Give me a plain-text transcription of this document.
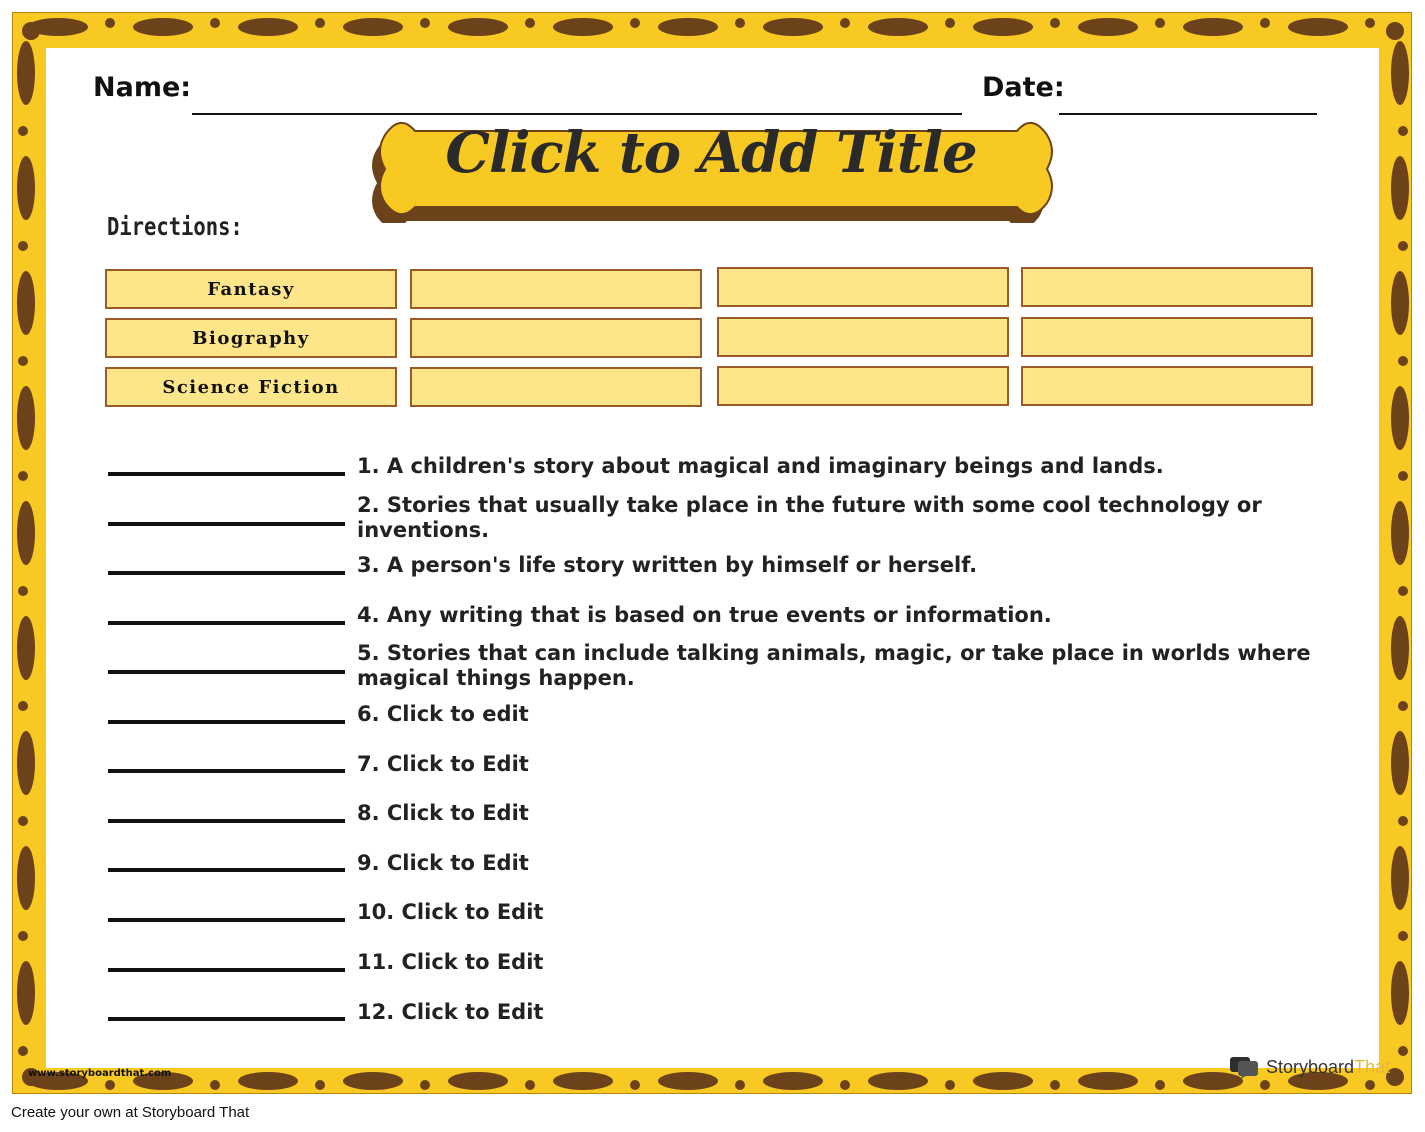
Name:	Date:
Click to Add Title
Directions:
Fantasy
Biography
Science Fiction
1. A children's story about magical and imaginary beings and lands.
2. Stories that usually take place in the future with some cool technology or inventions.
3. A person's life story written by himself or herself.
4. Any writing that is based on true events or information.
5. Stories that can include talking animals, magic, or take place in worlds where magical things happen.
6. Click to edit
7. Click to Edit
8. Click to Edit
9. Click to Edit
10. Click to Edit
11. Click to Edit
12. Click to Edit
www.storyboardthat.com	StoryboardThat
Create your own at Storyboard That
